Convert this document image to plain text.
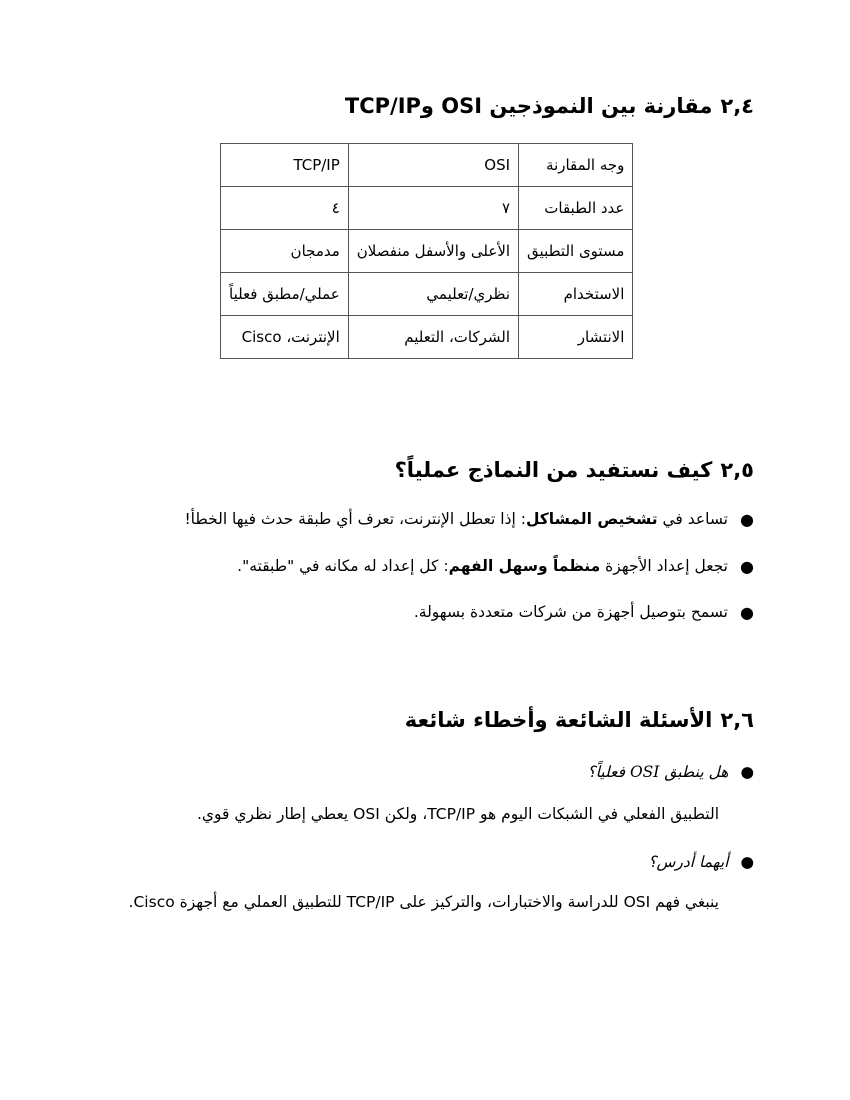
٢,٤مقارنة بين النموذجين OSI وTCP/IP
وجه المقارنة	OSI	TCP/IP
عدد الطبقات	٧	٤
مستوى التطبيق	الأعلى والأسفل منفصلان	مدمجان
الاستخدام	نظري/تعليمي	عملي/مطبق فعلياً
الانتشار	الشركات، التعليم	الإنترنت، Cisco
٢,٥كيف نستفيد من النماذج عملياً؟
●
تساعد في تشخيص المشاكل: إذا تعطل الإنترنت، تعرف أي طبقة حدث فيها الخطأ!
●
تجعل إعداد الأجهزة منظماً وسهل الفهم: كل إعداد له مكانه في "طبقته".
●
تسمح بتوصيل أجهزة من شركات متعددة بسهولة.
٢,٦الأسئلة الشائعة وأخطاء شائعة
●هل ينطبق OSI فعلياً؟
التطبيق الفعلي في الشبكات اليوم هو TCP/IP، ولكن OSI يعطي إطار نظري قوي.
●أيهما أدرس؟
ينبغي فهم OSI للدراسة والاختبارات، والتركيز على TCP/IP للتطبيق العملي مع أجهزة Cisco.
